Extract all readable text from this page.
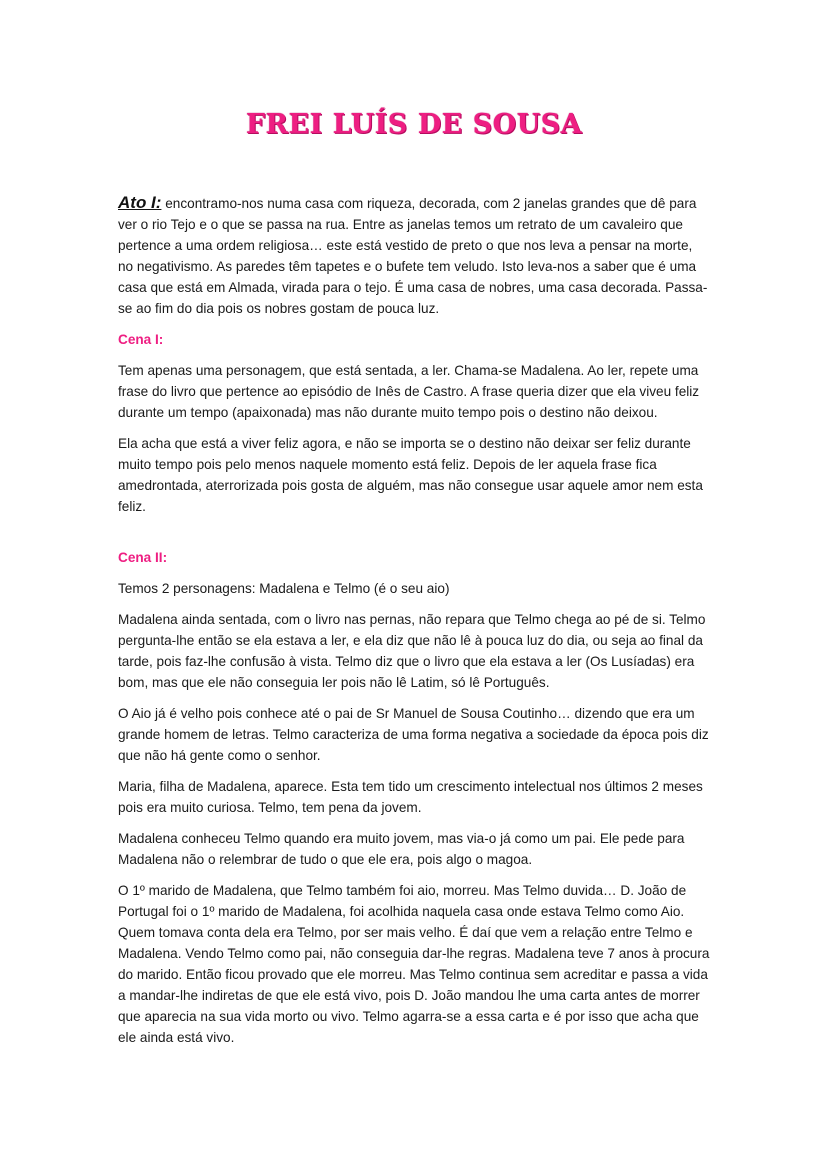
FREI LUÍS DE SOUSA

Ato I: encontramo-nos numa casa com riqueza, decorada, com 2 janelas grandes que dê para ver o rio Tejo e o que se passa na rua. Entre as janelas temos um retrato de um cavaleiro que pertence a uma ordem religiosa… este está vestido de preto o que nos leva a pensar na morte, no negativismo. As paredes têm tapetes e o bufete tem veludo. Isto leva-nos a saber que é uma casa que está em Almada, virada para o tejo. É uma casa de nobres, uma casa decorada. Passa-se ao fim do dia pois os nobres gostam de pouca luz.

Cena I:

Tem apenas uma personagem, que está sentada, a ler. Chama-se Madalena. Ao ler, repete uma frase do livro que pertence ao episódio de Inês de Castro. A frase queria dizer que ela viveu feliz durante um tempo (apaixonada) mas não durante muito tempo pois o destino não deixou.

Ela acha que está a viver feliz agora, e não se importa se o destino não deixar ser feliz durante muito tempo pois pelo menos naquele momento está feliz. Depois de ler aquela frase fica amedrontada, aterrorizada pois gosta de alguém, mas não consegue usar aquele amor nem esta feliz.

Cena II:

Temos 2 personagens: Madalena e Telmo (é o seu aio)

Madalena ainda sentada, com o livro nas pernas, não repara que Telmo chega ao pé de si. Telmo pergunta-lhe então se ela estava a ler, e ela diz que não lê à pouca luz do dia, ou seja ao final da tarde, pois faz-lhe confusão à vista. Telmo diz que o livro que ela estava a ler (Os Lusíadas) era bom, mas que ele não conseguia ler pois não lê Latim, só lê Português.

O Aio já é velho pois conhece até o pai de Sr Manuel de Sousa Coutinho… dizendo que era um grande homem de letras. Telmo caracteriza de uma forma negativa a sociedade da época pois diz que não há gente como o senhor.

Maria, filha de Madalena, aparece. Esta tem tido um crescimento intelectual nos últimos 2 meses pois era muito curiosa. Telmo, tem pena da jovem.

Madalena conheceu Telmo quando era muito jovem, mas via-o já como um pai. Ele pede para Madalena não o relembrar de tudo o que ele era, pois algo o magoa.

O 1º marido de Madalena, que Telmo também foi aio, morreu. Mas Telmo duvida… D. João de Portugal foi o 1º marido de Madalena, foi acolhida naquela casa onde estava Telmo como Aio. Quem tomava conta dela era Telmo, por ser mais velho. É daí que vem a relação entre Telmo e Madalena. Vendo Telmo como pai, não conseguia dar-lhe regras. Madalena teve 7 anos à procura do marido. Então ficou provado que ele morreu. Mas Telmo continua sem acreditar e passa a vida a mandar-lhe indiretas de que ele está vivo, pois D. João mandou lhe uma carta antes de morrer que aparecia na sua vida morto ou vivo. Telmo agarra-se a essa carta e é por isso que acha que ele ainda está vivo.
